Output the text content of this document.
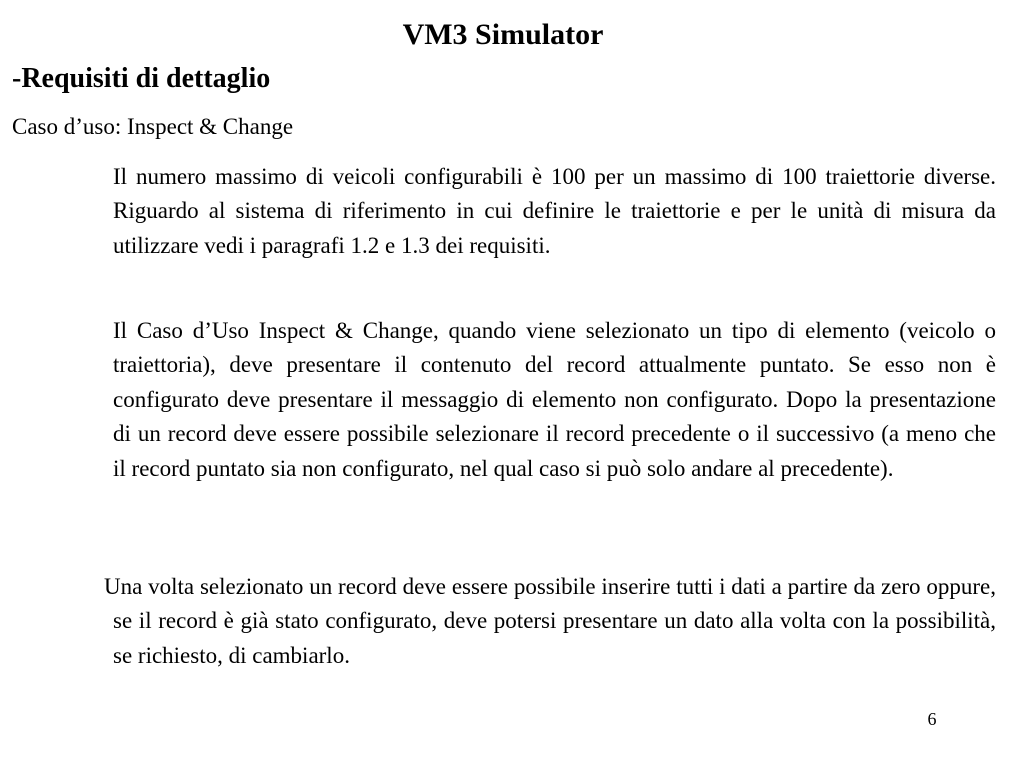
VM3 Simulator
-Requisiti di dettaglio

Caso d’uso: Inspect & Change

Il numero massimo di veicoli configurabili è 100 per un massimo di 100 traiettorie diverse. Riguardo al sistema di riferimento in cui definire le traiettorie e per le unità di misura da utilizzare vedi i paragrafi 1.2 e 1.3 dei requisiti.

Il Caso d’Uso Inspect & Change, quando viene selezionato un tipo di elemento (veicolo o traiettoria), deve presentare il contenuto del record attualmente puntato. Se esso non è configurato deve presentare il messaggio di elemento non configurato. Dopo la presentazione di un record deve essere possibile selezionare il record precedente o il successivo (a meno che il record puntato sia non configurato, nel qual caso si può solo andare al precedente).

Una volta selezionato un record deve essere possibile inserire tutti i dati a partire da zero oppure, se il record è già stato configurato, deve potersi presentare un dato alla volta con la possibilità, se richiesto, di cambiarlo.

6
